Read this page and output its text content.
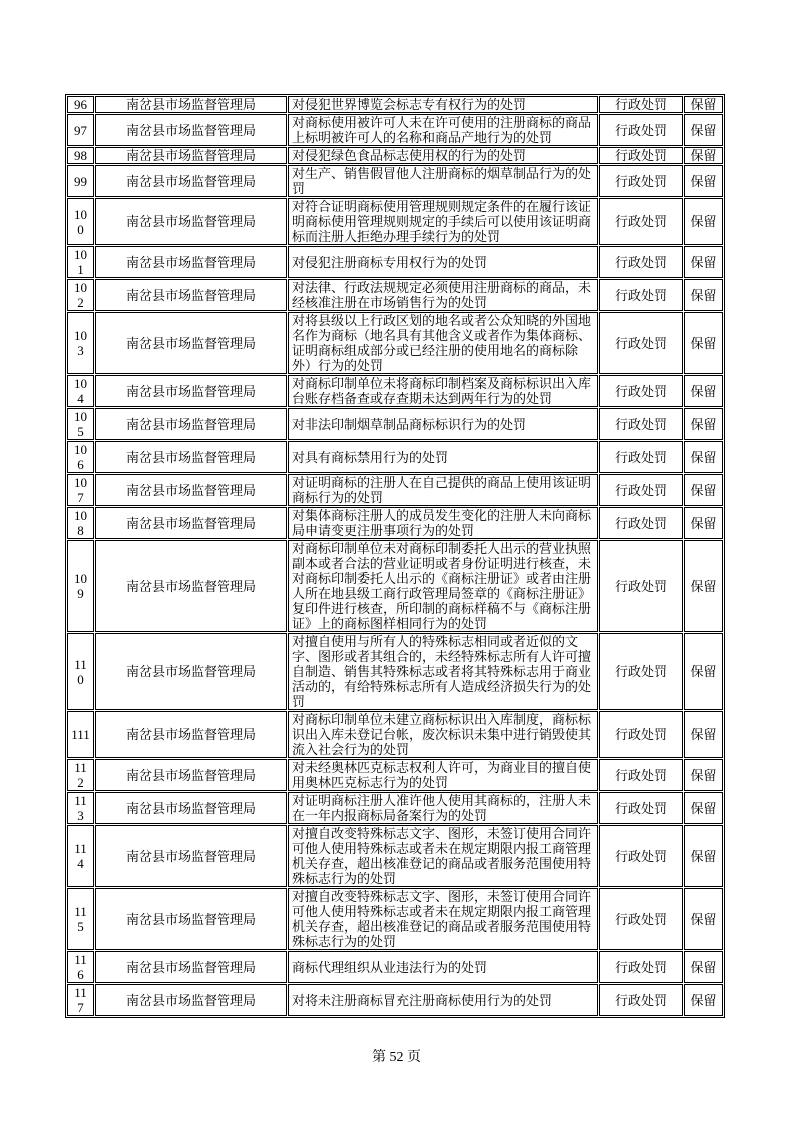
96	南岔县市场监督管理局	对侵犯世界博览会标志专有权行为的处罚	行政处罚	保留
97	南岔县市场监督管理局	对商标使用被许可人未在许可使用的注册商标的商品上标明被许可人的名称和商品产地行为的处罚	行政处罚	保留
98	南岔县市场监督管理局	对侵犯绿色食品标志使用权的行为的处罚	行政处罚	保留
99	南岔县市场监督管理局	对生产、销售假冒他人注册商标的烟草制品行为的处罚	行政处罚	保留
100	南岔县市场监督管理局	对符合证明商标使用管理规则规定条件的在履行该证明商标使用管理规则规定的手续后可以使用该证明商标而注册人拒绝办理手续行为的处罚	行政处罚	保留
101	南岔县市场监督管理局	对侵犯注册商标专用权行为的处罚	行政处罚	保留
102	南岔县市场监督管理局	对法律、行政法规规定必须使用注册商标的商品，未经核准注册在市场销售行为的处罚	行政处罚	保留
103	南岔县市场监督管理局	对将县级以上行政区划的地名或者公众知晓的外国地名作为商标（地名具有其他含义或者作为集体商标、证明商标组成部分或已经注册的使用地名的商标除外）行为的处罚	行政处罚	保留
104	南岔县市场监督管理局	对商标印制单位未将商标印制档案及商标标识出入库台账存档备查或存查期未达到两年行为的处罚	行政处罚	保留
105	南岔县市场监督管理局	对非法印制烟草制品商标标识行为的处罚	行政处罚	保留
106	南岔县市场监督管理局	对具有商标禁用行为的处罚	行政处罚	保留
107	南岔县市场监督管理局	对证明商标的注册人在自己提供的商品上使用该证明商标行为的处罚	行政处罚	保留
108	南岔县市场监督管理局	对集体商标注册人的成员发生变化的注册人未向商标局申请变更注册事项行为的处罚	行政处罚	保留
109	南岔县市场监督管理局	对商标印制单位未对商标印制委托人出示的营业执照副本或者合法的营业证明或者身份证明进行核查，未对商标印制委托人出示的《商标注册证》或者由注册人所在地县级工商行政管理局签章的《商标注册证》复印件进行核查，所印制的商标样稿不与《商标注册证》上的商标图样相同行为的处罚	行政处罚	保留
110	南岔县市场监督管理局	对擅自使用与所有人的特殊标志相同或者近似的文字、图形或者其组合的，未经特殊标志所有人许可擅自制造、销售其特殊标志或者将其特殊标志用于商业活动的，有给特殊标志所有人造成经济损失行为的处罚	行政处罚	保留
111	南岔县市场监督管理局	对商标印制单位未建立商标标识出入库制度，商标标识出入库未登记台帐，废次标识未集中进行销毁使其流入社会行为的处罚	行政处罚	保留
112	南岔县市场监督管理局	对未经奥林匹克标志权利人许可，为商业目的擅自使用奥林匹克标志行为的处罚	行政处罚	保留
113	南岔县市场监督管理局	对证明商标注册人准许他人使用其商标的，注册人未在一年内报商标局备案行为的处罚	行政处罚	保留
114	南岔县市场监督管理局	对擅自改变特殊标志文字、图形，未签订使用合同许可他人使用特殊标志或者未在规定期限内报工商管理机关存查，超出核准登记的商品或者服务范围使用特殊标志行为的处罚	行政处罚	保留
115	南岔县市场监督管理局	对擅自改变特殊标志文字、图形，未签订使用合同许可他人使用特殊标志或者未在规定期限内报工商管理机关存查，超出核准登记的商品或者服务范围使用特殊标志行为的处罚	行政处罚	保留
116	南岔县市场监督管理局	商标代理组织从业违法行为的处罚	行政处罚	保留
117	南岔县市场监督管理局	对将未注册商标冒充注册商标使用行为的处罚	行政处罚	保留
第 52 页
